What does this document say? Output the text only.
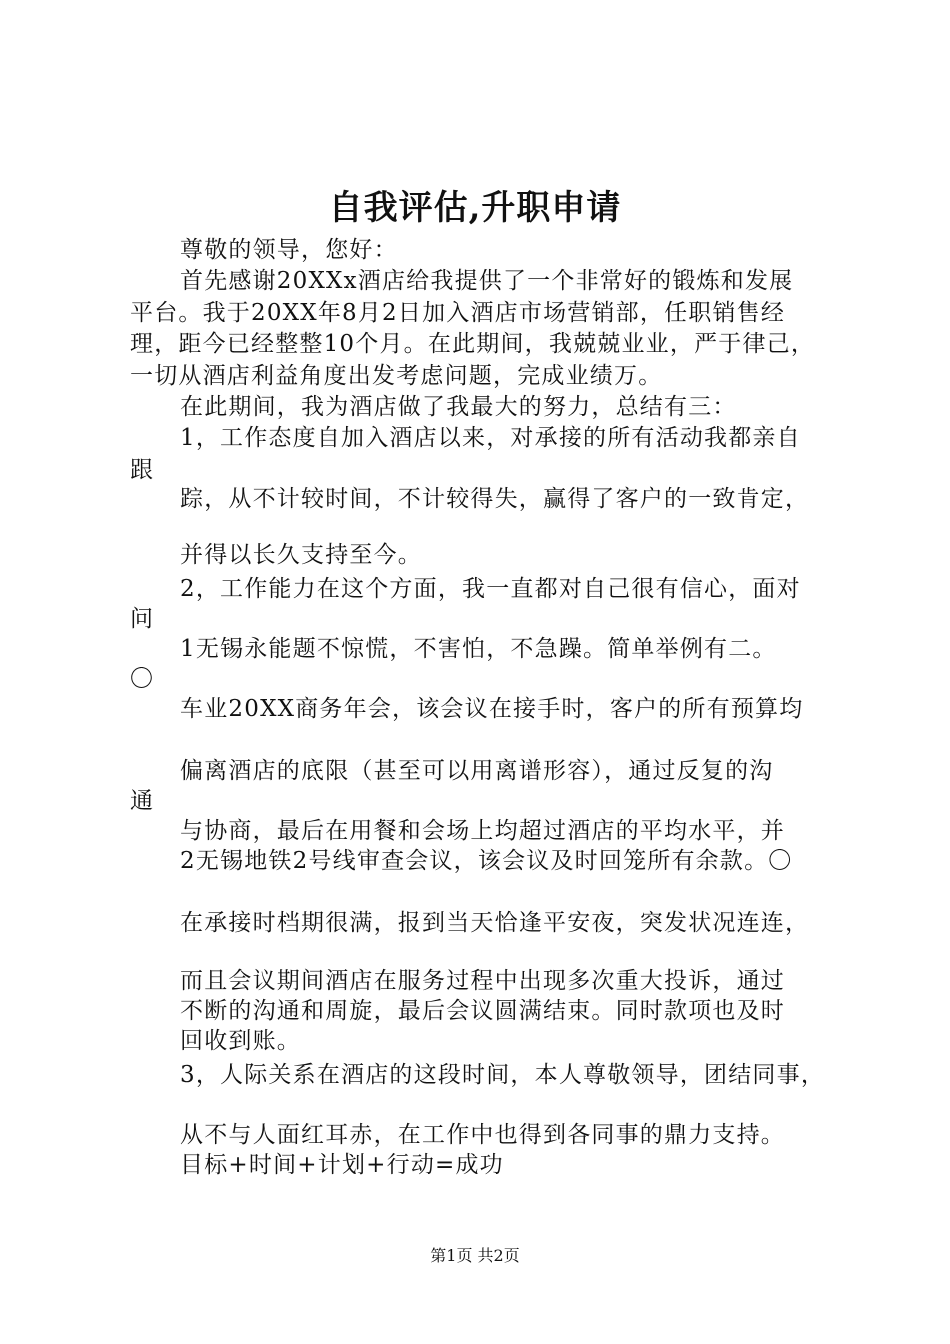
自我评估,升职申请
尊敬的领导，您好：
首先感谢20XXx酒店给我提供了一个非常好的锻炼和发展
平台。我于20XX年8月2日加入酒店市场营销部，任职销售经
理，距今已经整整10个月。在此期间，我兢兢业业，严于律己，
一切从酒店利益角度出发考虑问题，完成业绩万。
在此期间，我为酒店做了我最大的努力，总结有三：
1，工作态度自加入酒店以来，对承接的所有活动我都亲自
跟
踪，从不计较时间，不计较得失，赢得了客户的一致肯定，
并得以长久支持至今。
2，工作能力在这个方面，我一直都对自己很有信心，面对
问
1无锡永能题不惊慌，不害怕，不急躁。简单举例有二。
〇
车业20XX商务年会，该会议在接手时，客户的所有预算均
偏离酒店的底限（甚至可以用离谱形容），通过反复的沟
通
与协商，最后在用餐和会场上均超过酒店的平均水平，并
2无锡地铁2号线审查会议，该会议及时回笼所有余款。〇
在承接时档期很满，报到当天恰逢平安夜，突发状况连连，
而且会议期间酒店在服务过程中出现多次重大投诉，通过
不断的沟通和周旋，最后会议圆满结束。同时款项也及时
回收到账。
3，人际关系在酒店的这段时间，本人尊敬领导，团结同事，
从不与人面红耳赤，在工作中也得到各同事的鼎力支持。
目标+时间+计划+行动=成功
第1页 共2页
